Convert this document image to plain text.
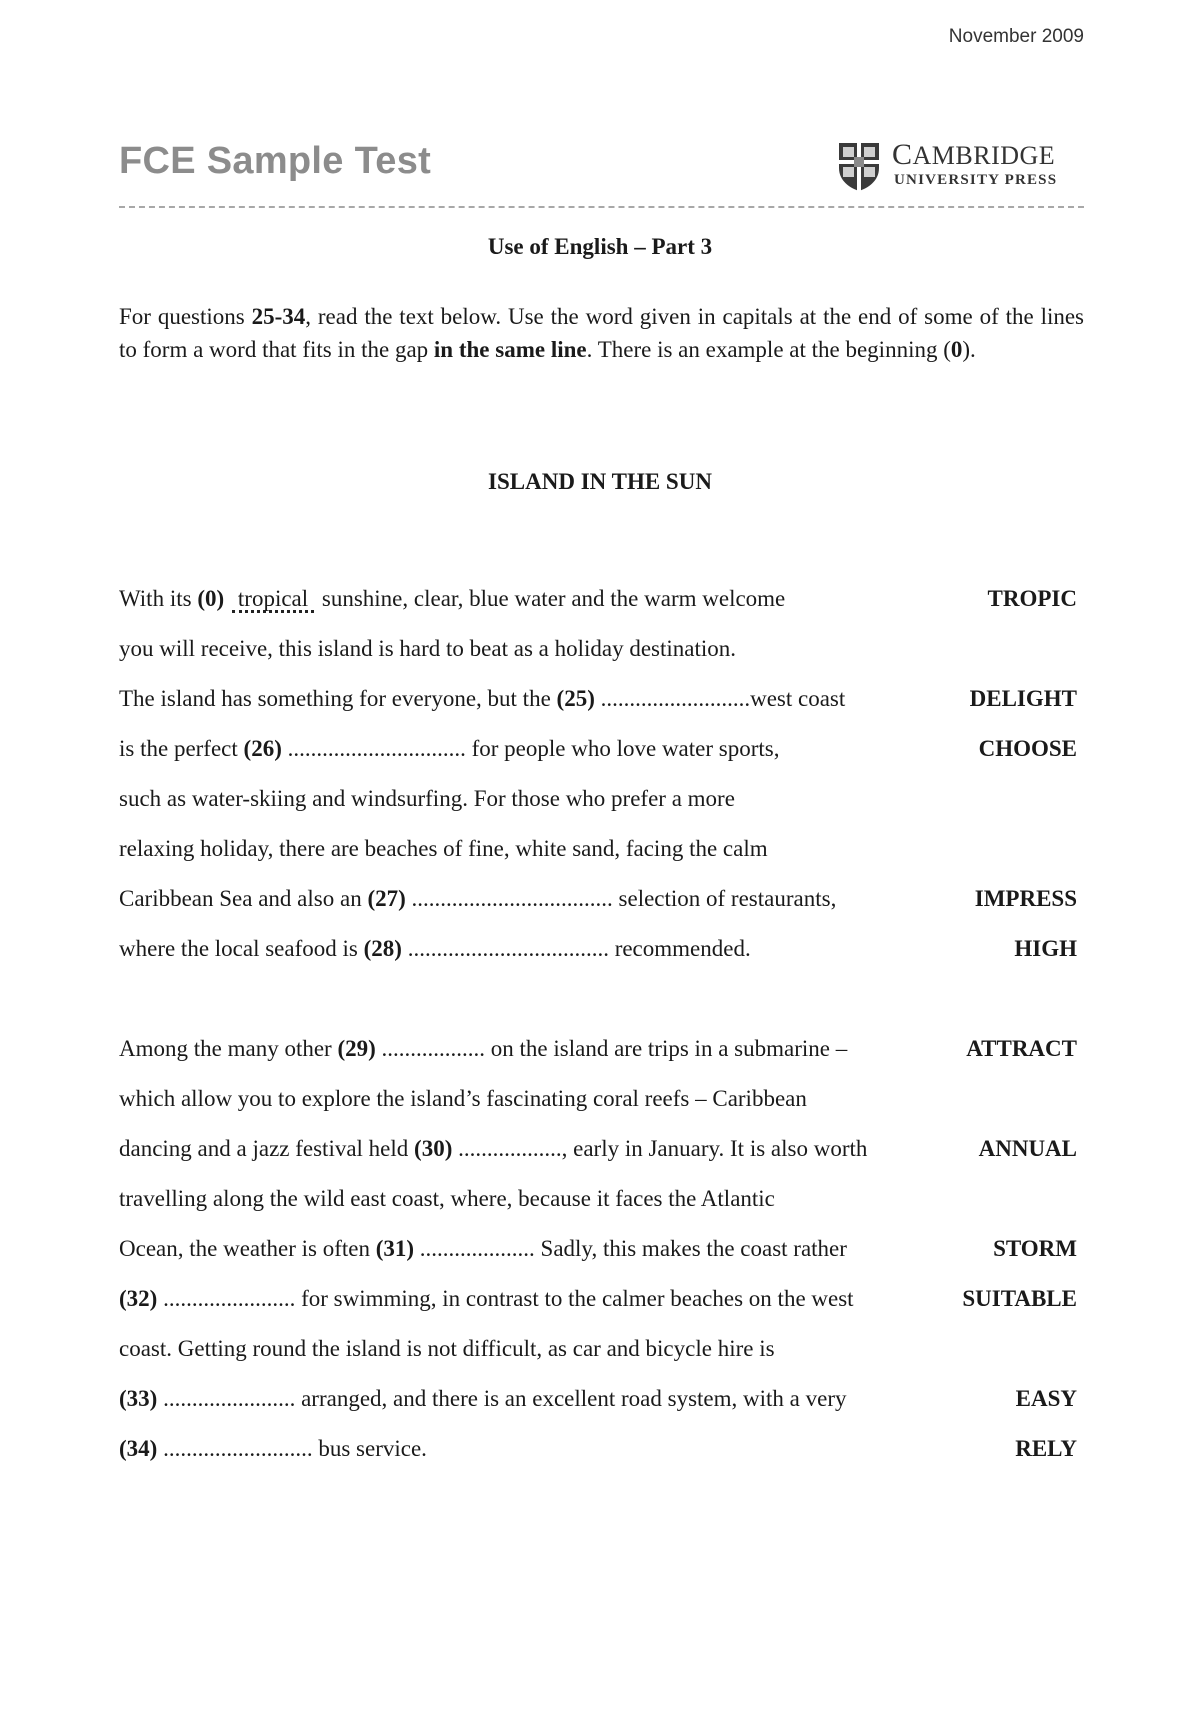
November 2009
FCE Sample Test	CAMBRIDGE
UNIVERSITY PRESS
Use of English – Part 3
For questions 25-34, read the text below. Use the word given in capitals at the end of some of the lines to form a word that fits in the gap in the same line. There is an example at the beginning (0).
ISLAND IN THE SUN
With its (0) tropical sunshine, clear, blue water and the warm welcome	TROPIC
you will receive, this island is hard to beat as a holiday destination.
The island has something for everyone, but the (25) ..........................west coast	DELIGHT
is the perfect (26) ............................... for people who love water sports,	CHOOSE
such as water-skiing and windsurfing. For those who prefer a more
relaxing holiday, there are beaches of fine, white sand, facing the calm
Caribbean Sea and also an (27) ................................... selection of restaurants,	IMPRESS
where the local seafood is (28) ................................... recommended.	HIGH
Among the many other (29) .................. on the island are trips in a submarine –	ATTRACT
which allow you to explore the island’s fascinating coral reefs – Caribbean
dancing and a jazz festival held (30) .................., early in January. It is also worth	ANNUAL
travelling along the wild east coast, where, because it faces the Atlantic
Ocean, the weather is often (31) .................... Sadly, this makes the coast rather	STORM
(32) ....................... for swimming, in contrast to the calmer beaches on the west	SUITABLE
coast. Getting round the island is not difficult, as car and bicycle hire is
(33) ....................... arranged, and there is an excellent road system, with a very	EASY
(34) .......................... bus service.	RELY
